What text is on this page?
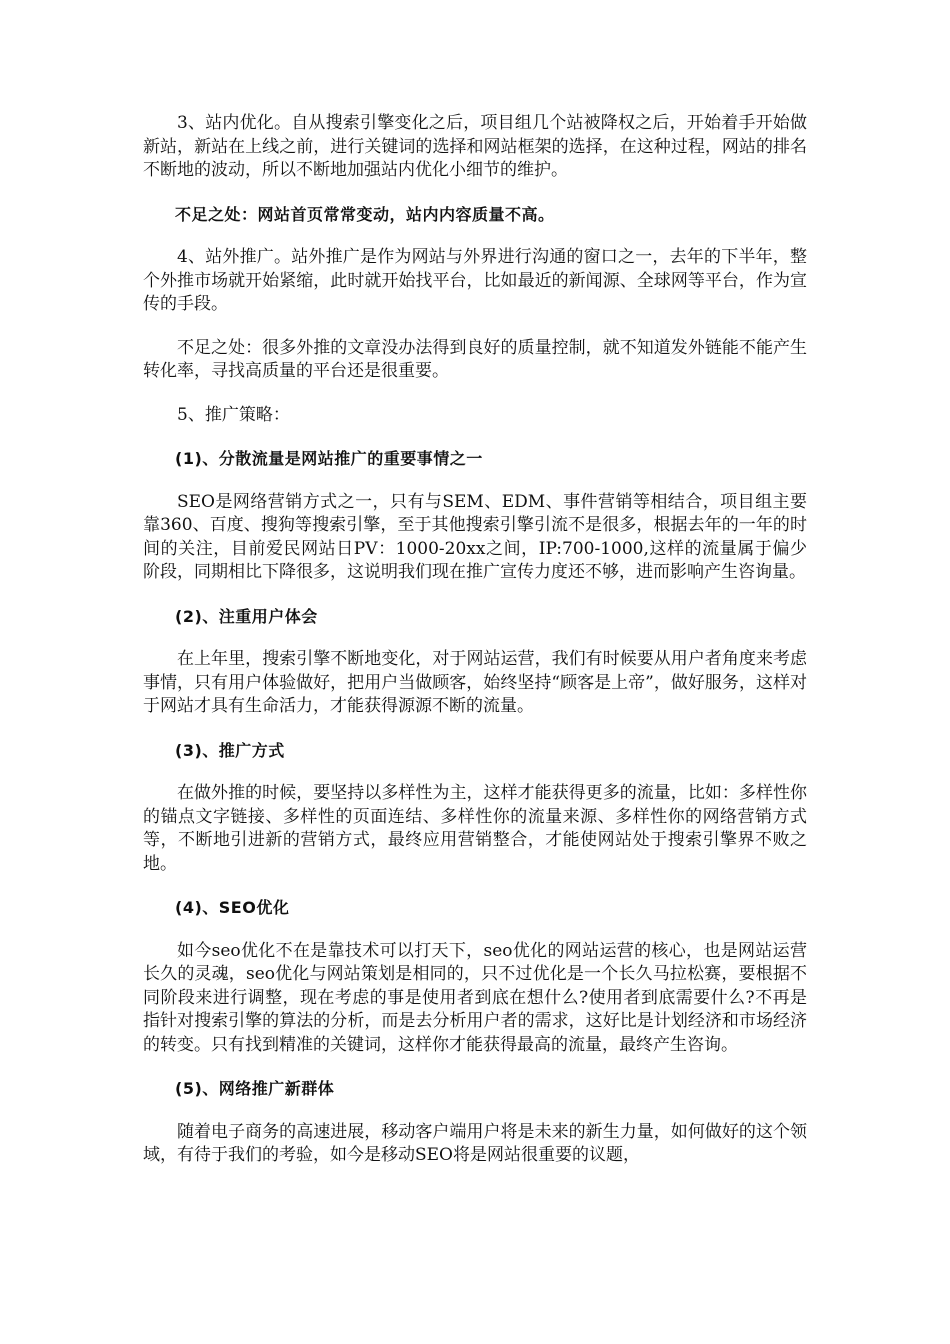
3、站内优化。自从搜索引擎变化之后，项目组几个站被降权之后，开始着手开始做新站，新站在上线之前，进行关键词的选择和网站框架的选择，在这种过程，网站的排名不断地的波动，所以不断地加强站内优化小细节的维护。

不足之处：网站首页常常变动，站内内容质量不高。

4、站外推广。站外推广是作为网站与外界进行沟通的窗口之一，去年的下半年，整个外推市场就开始紧缩，此时就开始找平台，比如最近的新闻源、全球网等平台，作为宣传的手段。

不足之处：很多外推的文章没办法得到良好的质量控制，就不知道发外链能不能产生转化率，寻找高质量的平台还是很重要。

5、推广策略：

(1)、分散流量是网站推广的重要事情之一

SEO是网络营销方式之一，只有与SEM、EDM、事件营销等相结合，项目组主要靠360、百度、搜狗等搜索引擎，至于其他搜索引擎引流不是很多，根据去年的一年的时间的关注，目前爱民网站日PV：1000-20xx之间，IP:700-1000,这样的流量属于偏少阶段，同期相比下降很多，这说明我们现在推广宣传力度还不够，进而影响产生咨询量。

(2)、注重用户体会

在上年里，搜索引擎不断地变化，对于网站运营，我们有时候要从用户者角度来考虑事情，只有用户体验做好，把用户当做顾客，始终坚持“顾客是上帝”，做好服务，这样对于网站才具有生命活力，才能获得源源不断的流量。

(3)、推广方式

在做外推的时候，要坚持以多样性为主，这样才能获得更多的流量，比如：多样性你的锚点文字链接、多样性的页面连结、多样性你的流量来源、多样性你的网络营销方式等，不断地引进新的营销方式，最终应用营销整合，才能使网站处于搜索引擎界不败之地。

(4)、SEO优化

如今seo优化不在是靠技术可以打天下，seo优化的网站运营的核心，也是网站运营长久的灵魂，seo优化与网站策划是相同的，只不过优化是一个长久马拉松赛，要根据不同阶段来进行调整，现在考虑的事是使用者到底在想什么?使用者到底需要什么?不再是指针对搜索引擎的算法的分析，而是去分析用户者的需求，这好比是计划经济和市场经济的转变。只有找到精准的关键词，这样你才能获得最高的流量，最终产生咨询。

(5)、网络推广新群体

随着电子商务的高速进展，移动客户端用户将是未来的新生力量，如何做好的这个领域，有待于我们的考验，如今是移动SEO将是网站很重要的议题，
